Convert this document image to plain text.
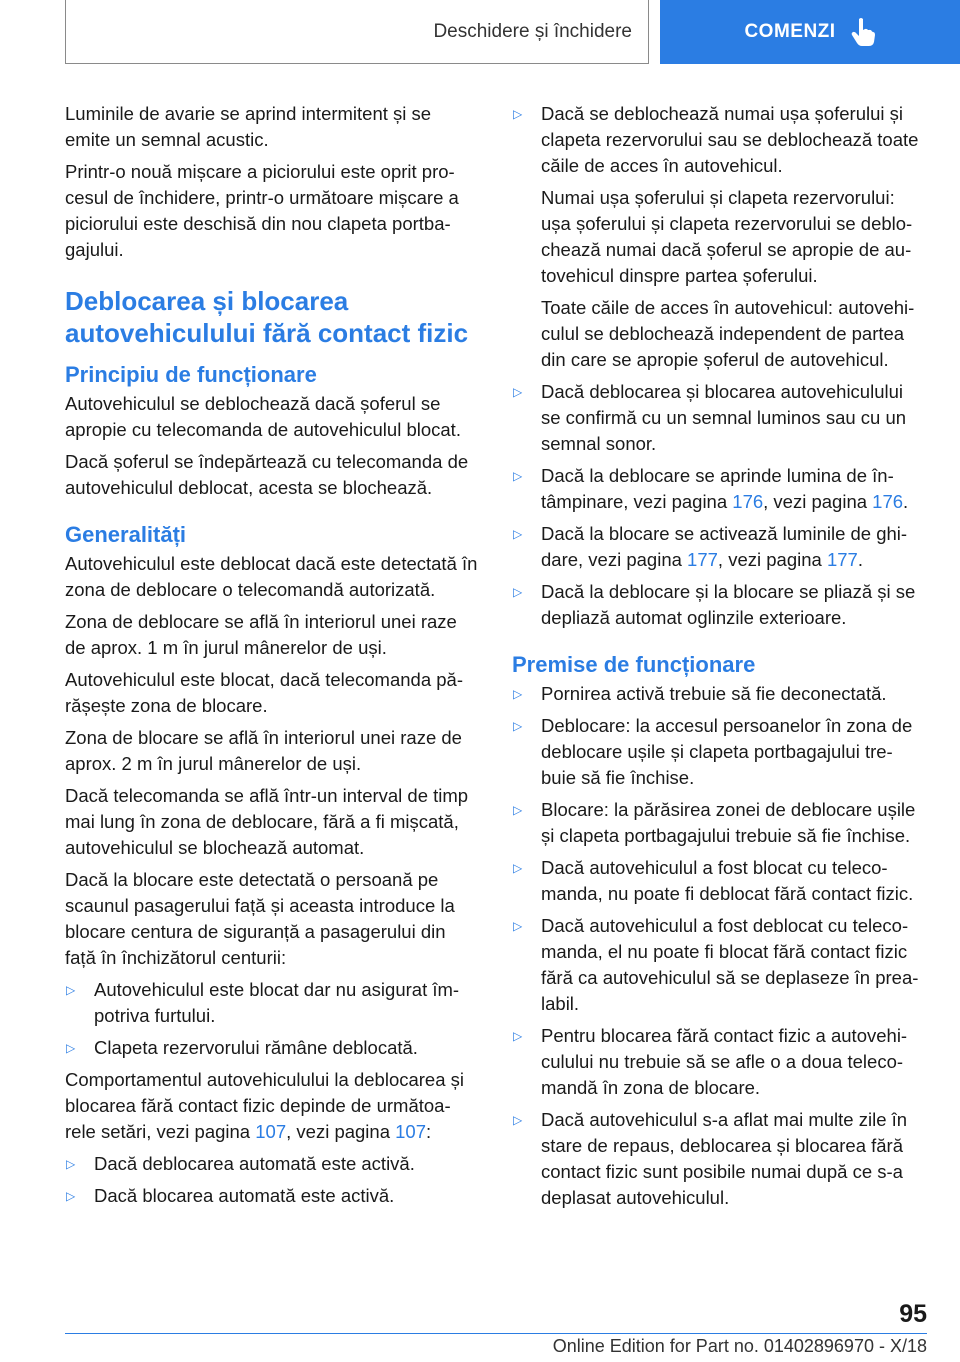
Deschidere și închidere	COMENZI

Luminile de avarie se aprind intermitent și se emite un semnal acustic.

Printr-o nouă mișcare a piciorului este oprit pro-cesul de închidere, printr-o următoare mișcare a piciorului este deschisă din nou clapeta portba-gajului.

Deblocarea și blocarea autovehiculului fără contact fizic
Principiu de funcționare

Autovehiculul se deblochează dacă șoferul se apropie cu telecomanda de autovehiculul blocat.

Dacă șoferul se îndepărtează cu telecomanda de autovehiculul deblocat, acesta se blochează.

Generalități

Autovehiculul este deblocat dacă este detectată în zona de deblocare o telecomandă autorizată.

Zona de deblocare se află în interiorul unei raze de aprox. 1 m în jurul mânerelor de uși.

Autovehiculul este blocat, dacă telecomanda pă-rășește zona de blocare.

Zona de blocare se află în interiorul unei raze de aprox. 2 m în jurul mânerelor de uși.

Dacă telecomanda se află într-un interval de timp mai lung în zona de deblocare, fără a fi mișcată, autovehiculul se blochează automat.

Dacă la blocare este detectată o persoană pe scaunul pasagerului față și aceasta introduce la blocare centura de siguranță a pasagerului din față în închizătorul centurii:

▷	Autovehiculul este blocat dar nu asigurat îm-potriva furtului.
▷	Clapeta rezervorului rămâne deblocată.

Comportamentul autovehiculului la deblocarea și blocarea fără contact fizic depinde de următoa-rele setări, vezi pagina 107, vezi pagina 107:

▷	Dacă deblocarea automată este activă.
▷	Dacă blocarea automată este activă.
▷	Dacă se deblochează numai ușa șoferului și clapeta rezervorului sau se deblochează toate căile de acces în autovehicul.

Numai ușa șoferului și clapeta rezervorului: ușa șoferului și clapeta rezervorului se deblo-chează numai dacă șoferul se apropie de au-tovehicul dinspre partea șoferului.

Toate căile de acces în autovehicul: autovehi-culul se deblochează independent de partea din care se apropie șoferul de autovehicul.

▷	Dacă deblocarea și blocarea autovehiculului se confirmă cu un semnal luminos sau cu un semnal sonor.
▷	Dacă la deblocare se aprinde lumina de în-tâmpinare, vezi pagina 176, vezi pagina 176.
▷	Dacă la blocare se activează luminile de ghi-dare, vezi pagina 177, vezi pagina 177.
▷	Dacă la deblocare și la blocare se pliază și se depliază automat oglinzile exterioare.
Premise de funcționare
▷	Pornirea activă trebuie să fie deconectată.
▷	Deblocare: la accesul persoanelor în zona de deblocare ușile și clapeta portbagajului tre-buie să fie închise.
▷	Blocare: la părăsirea zonei de deblocare ușile și clapeta portbagajului trebuie să fie închise.
▷	Dacă autovehiculul a fost blocat cu teleco-manda, nu poate fi deblocat fără contact fizic.
▷	Dacă autovehiculul a fost deblocat cu teleco-manda, el nu poate fi blocat fără contact fizic fără ca autovehiculul să se deplaseze în prea-labil.
▷	Pentru blocarea fără contact fizic a autovehi-culului nu trebuie să se afle o a doua teleco-mandă în zona de blocare.
▷	Dacă autovehiculul s-a aflat mai multe zile în stare de repaus, deblocarea și blocarea fără contact fizic sunt posibile numai după ce s-a deplasat autovehiculul.
95
Online Edition for Part no. 01402896970 - X/18
